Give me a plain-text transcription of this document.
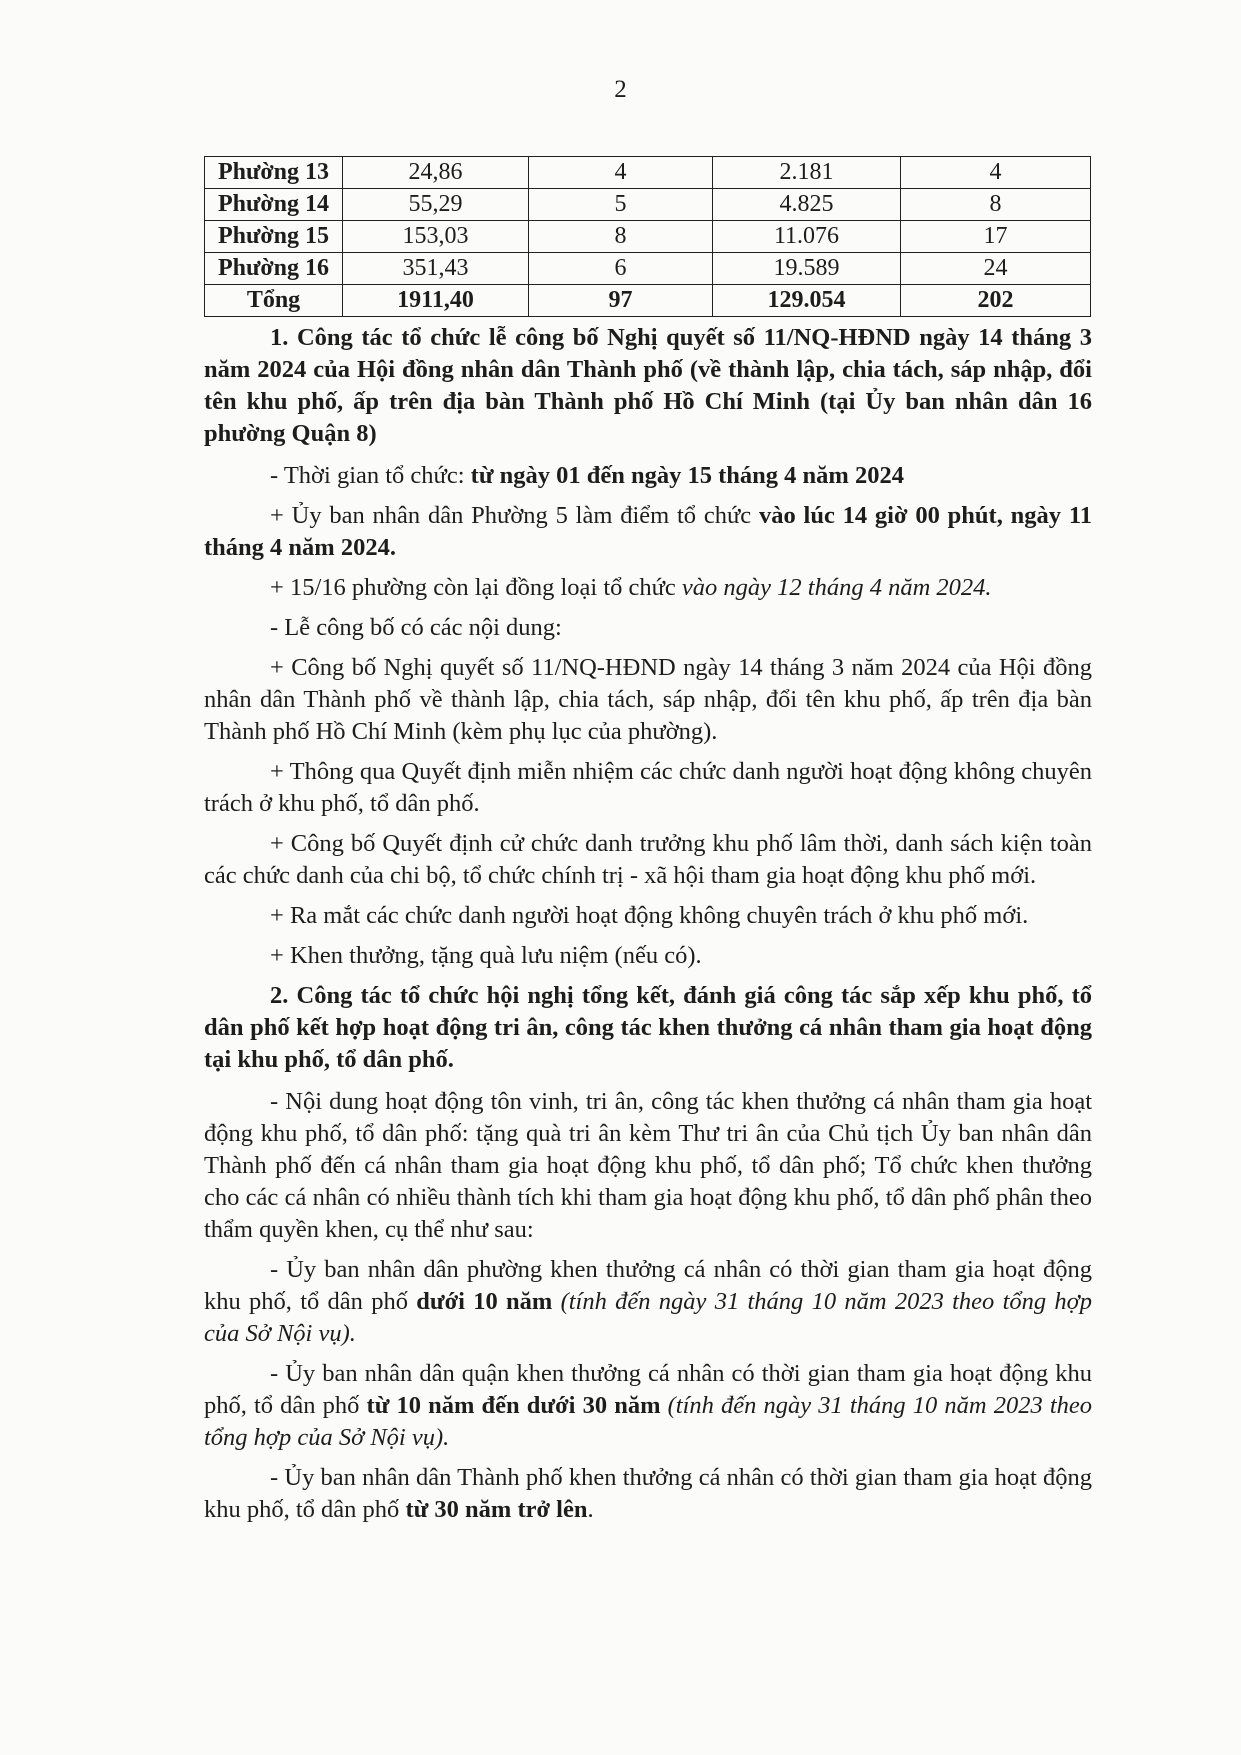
2
Phường 13	24,86	4	2.181	4
Phường 14	55,29	5	4.825	8
Phường 15	153,03	8	11.076	17
Phường 16	351,43	6	19.589	24
Tổng	1911,40	97	129.054	202

1. Công tác tổ chức lễ công bố Nghị quyết số 11/NQ-HĐND ngày 14 tháng 3 năm 2024 của Hội đồng nhân dân Thành phố (về thành lập, chia tách, sáp nhập, đổi tên khu phố, ấp trên địa bàn Thành phố Hồ Chí Minh (tại Ủy ban nhân dân 16 phường Quận 8)

- Thời gian tổ chức: từ ngày 01 đến ngày 15 tháng 4 năm 2024

+ Ủy ban nhân dân Phường 5 làm điểm tổ chức vào lúc 14 giờ 00 phút, ngày 11 tháng 4 năm 2024.

+ 15/16 phường còn lại đồng loại tổ chức vào ngày 12 tháng 4 năm 2024.

- Lễ công bố có các nội dung:

+ Công bố Nghị quyết số 11/NQ-HĐND ngày 14 tháng 3 năm 2024 của Hội đồng nhân dân Thành phố về thành lập, chia tách, sáp nhập, đổi tên khu phố, ấp trên địa bàn Thành phố Hồ Chí Minh (kèm phụ lục của phường).

+ Thông qua Quyết định miễn nhiệm các chức danh người hoạt động không chuyên trách ở khu phố, tổ dân phố.

+ Công bố Quyết định cử chức danh trưởng khu phố lâm thời, danh sách kiện toàn các chức danh của chi bộ, tổ chức chính trị - xã hội tham gia hoạt động khu phố mới.

+ Ra mắt các chức danh người hoạt động không chuyên trách ở khu phố mới.

+ Khen thưởng, tặng quà lưu niệm (nếu có).

2. Công tác tổ chức hội nghị tổng kết, đánh giá công tác sắp xếp khu phố, tổ dân phố kết hợp hoạt động tri ân, công tác khen thưởng cá nhân tham gia hoạt động tại khu phố, tổ dân phố.

- Nội dung hoạt động tôn vinh, tri ân, công tác khen thưởng cá nhân tham gia hoạt động khu phố, tổ dân phố: tặng quà tri ân kèm Thư tri ân của Chủ tịch Ủy ban nhân dân Thành phố đến cá nhân tham gia hoạt động khu phố, tổ dân phố; Tổ chức khen thưởng cho các cá nhân có nhiều thành tích khi tham gia hoạt động khu phố, tổ dân phố phân theo thẩm quyền khen, cụ thể như sau:

- Ủy ban nhân dân phường khen thưởng cá nhân có thời gian tham gia hoạt động khu phố, tổ dân phố dưới 10 năm (tính đến ngày 31 tháng 10 năm 2023 theo tổng hợp của Sở Nội vụ).

- Ủy ban nhân dân quận khen thưởng cá nhân có thời gian tham gia hoạt động khu phố, tổ dân phố từ 10 năm đến dưới 30 năm (tính đến ngày 31 tháng 10 năm 2023 theo tổng hợp của Sở Nội vụ).

- Ủy ban nhân dân Thành phố khen thưởng cá nhân có thời gian tham gia hoạt động khu phố, tổ dân phố từ 30 năm trở lên.
